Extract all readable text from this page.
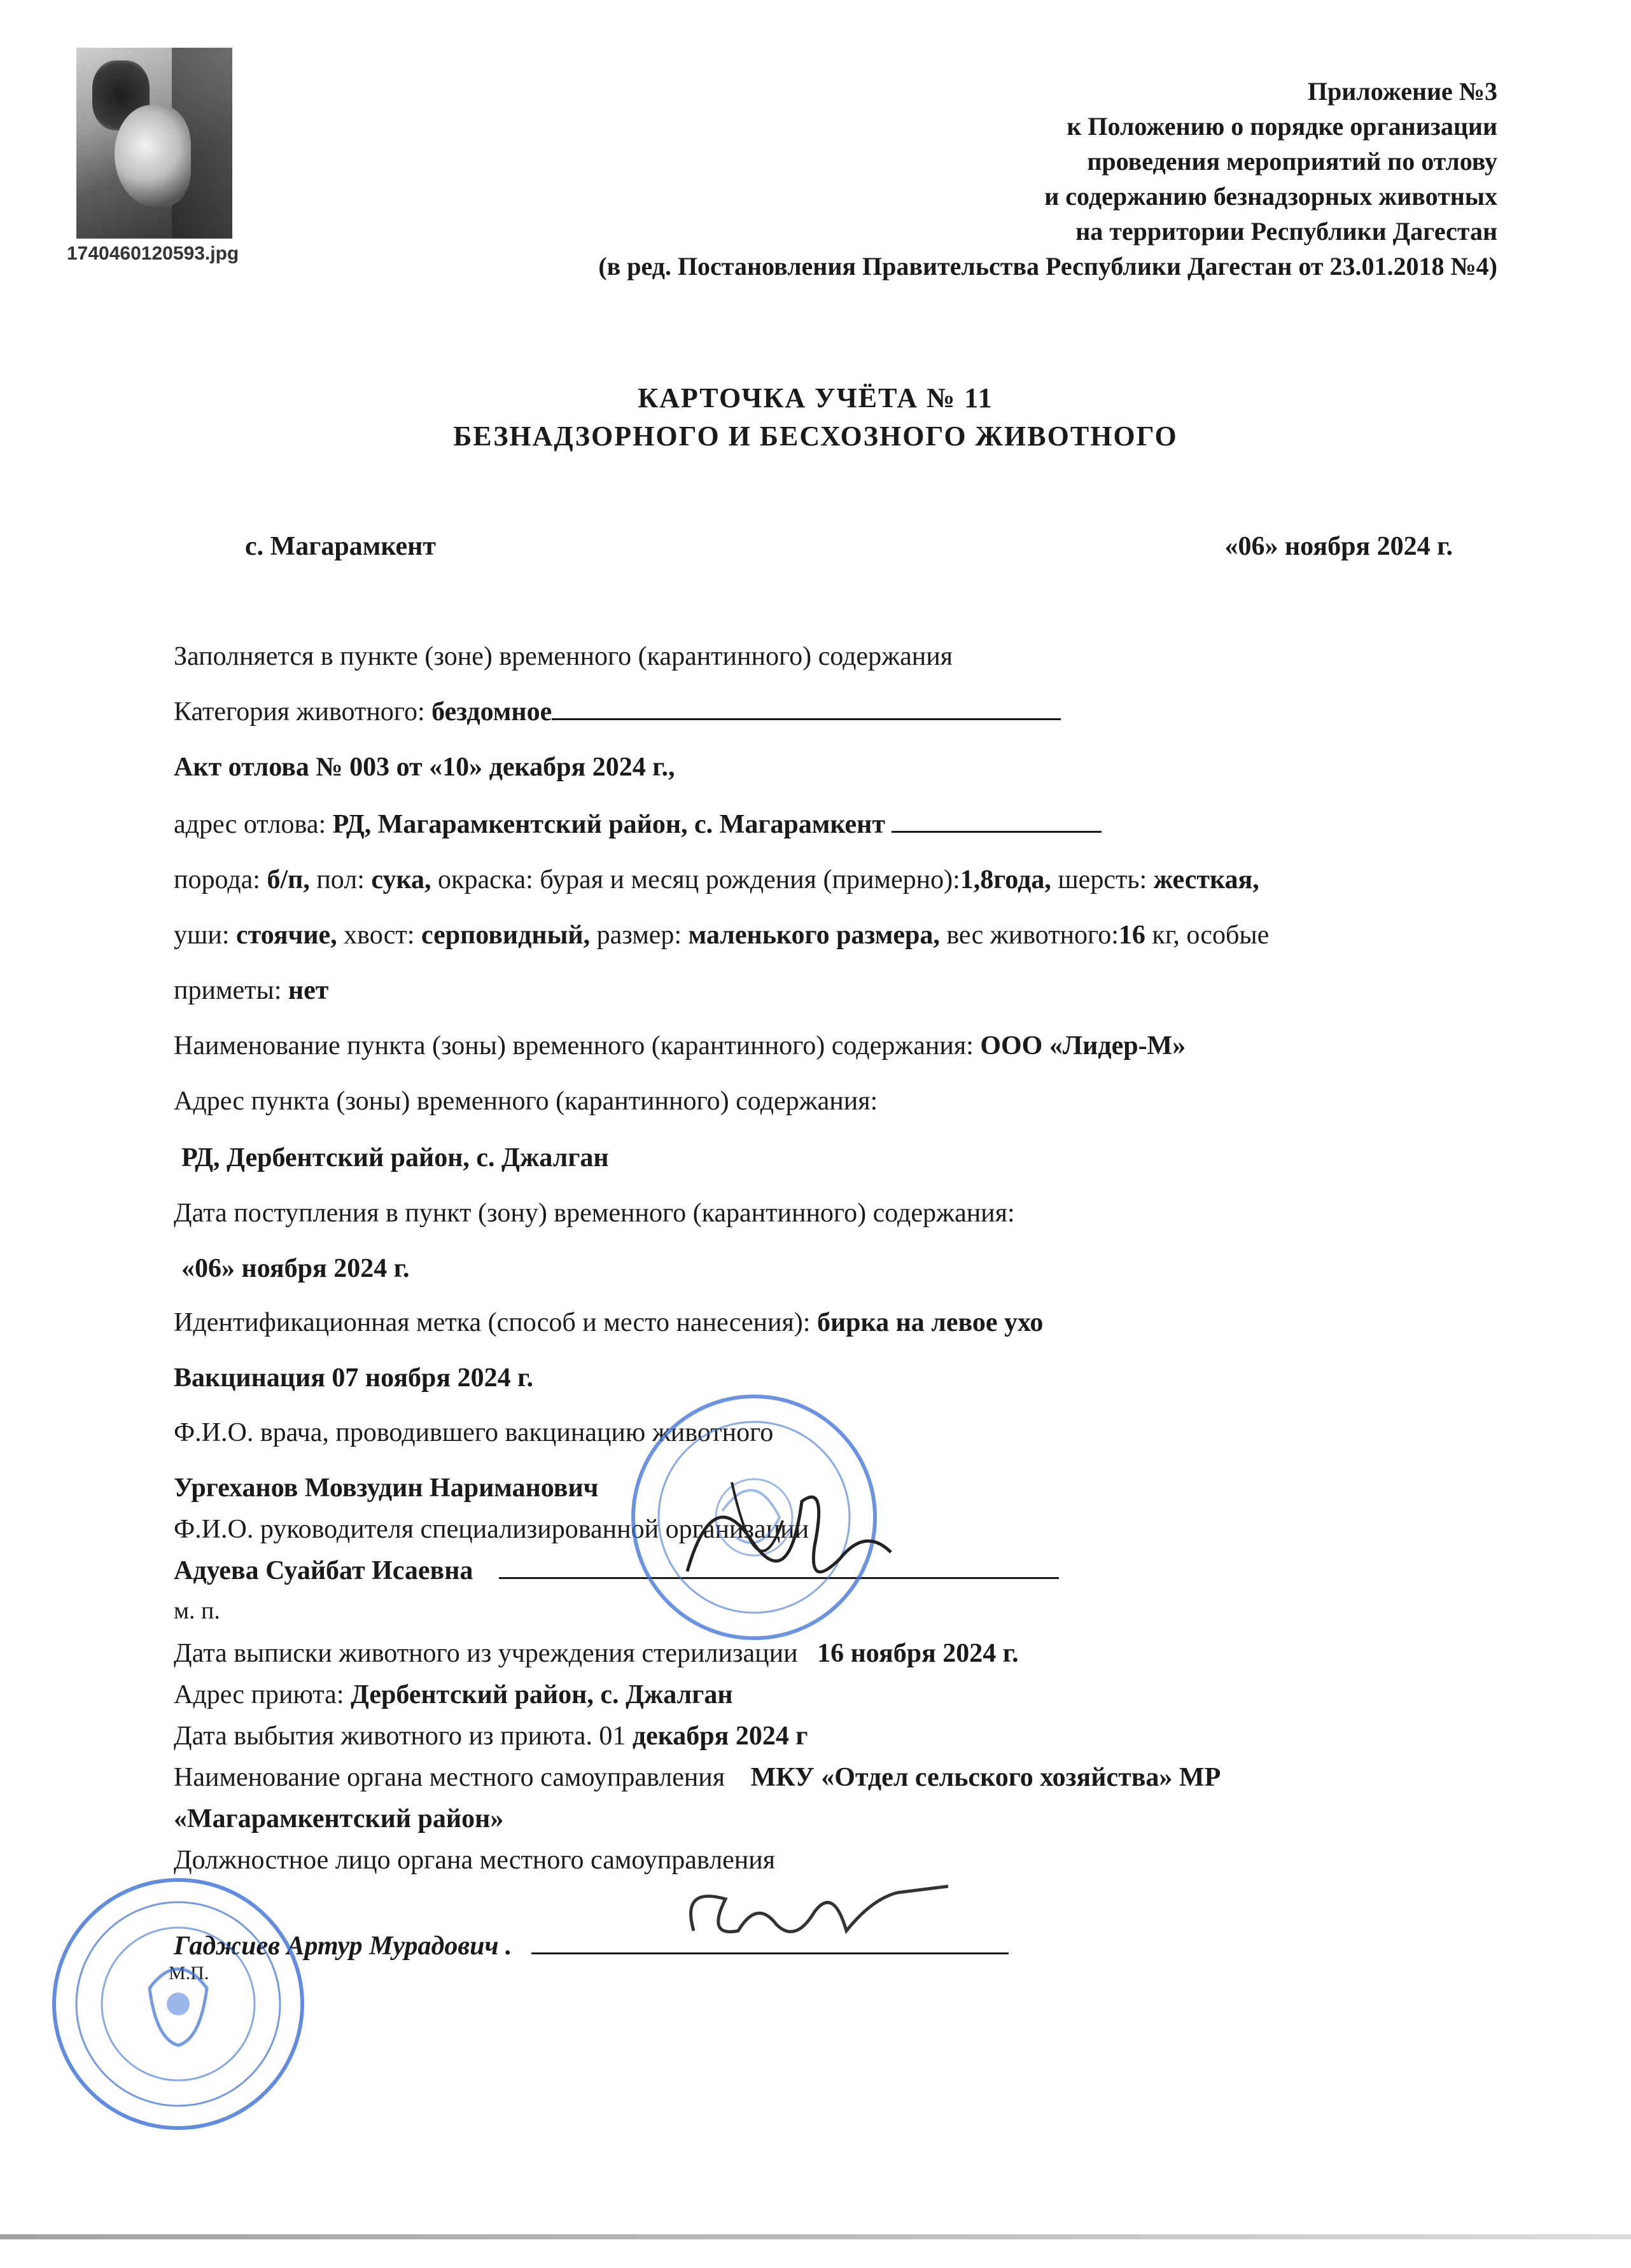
1740460120593.jpg
Приложение №3
к Положению о порядке организации
проведения мероприятий по отлову
и содержанию безнадзорных животных
на территории Республики Дагестан
(в ред. Постановления Правительства Республики Дагестан от 23.01.2018 №4)
КАРТОЧКА УЧЁТА № 11
БЕЗНАДЗОРНОГО И БЕСХОЗНОГО ЖИВОТНОГО
с. Магарамкент	«06» ноября 2024 г.
Заполняется в пункте (зоне) временного (карантинного) содержания
Категория животного: бездомное
Акт отлова № 003 от «10» декабря 2024 г.,
адрес отлова: РД, Магарамкентский район, с. Магарамкент
порода: б/п, пол: сука, окраска: бурая и месяц рождения (примерно):1,8года, шерсть: жесткая,
уши: стоячие, хвост: серповидный, размер: маленького размера, вес животного:16 кг, особые
приметы: нет
Наименование пункта (зоны) временного (карантинного) содержания: ООО «Лидер-М»
Адрес пункта (зоны) временного (карантинного) содержания:
РД, Дербентский район, с. Джалган
Дата поступления в пункт (зону) временного (карантинного) содержания:
«06» ноября 2024 г.
Идентификационная метка (способ и место нанесения): бирка на левое ухо
Вакцинация 07 ноября 2024 г.
Ф.И.О. врача, проводившего вакцинацию животного
Ургеханов Мовзудин Нариманович
Ф.И.О. руководителя специализированной организации
Адуева Суайбат Исаевна
м. п.
Дата выписки животного из учреждения стерилизации 16 ноября 2024 г.
Адрес приюта: Дербентский район, с. Джалган
Дата выбытия животного из приюта. 01 декабря 2024 г
Наименование органа местного самоуправления МКУ «Отдел сельского хозяйства» МР
«Магарамкентский район»
Должностное лицо органа местного самоуправления
Гаджиев Артур Мурадович .
М.П.
